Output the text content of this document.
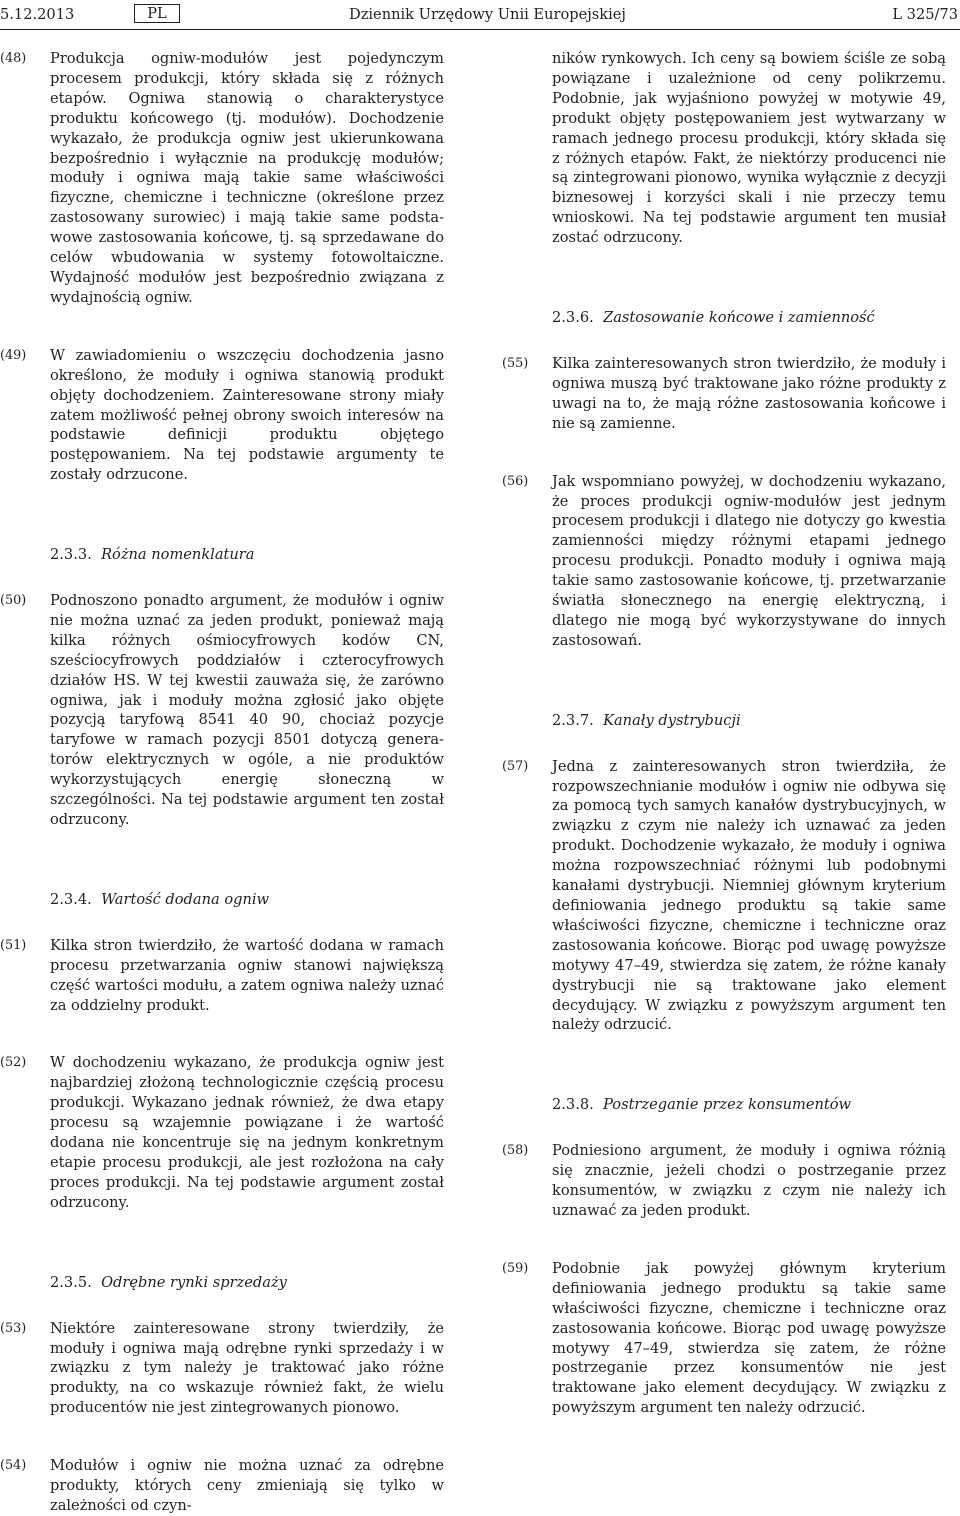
5.12.2013	PL	Dziennik Urzędowy Unii Europejskiej	L 325/73
(48) Produkcja ogniw-modułów jest pojedynczym procesem produkcji, który składa się z różnych etapów. Ogniwa stanowią o charakterystyce produktu końcowego (tj. modułów). Dochodzenie wykazało, że produkcja ogniw jest ukierunkowana bezpośrednio i wyłącznie na produkcję modułów; moduły i ogniwa mają takie same właściwości fizyczne, chemiczne i techniczne (określone przez zastosowany surowiec) i mają takie same podstawowe zastosowania końcowe, tj. są sprzedawane do celów wbudowania w systemy fotowoltaiczne. Wydajność modułów jest bezpośrednio związana z wydajnością ogniw.
(49) W zawiadomieniu o wszczęciu dochodzenia jasno określono, że moduły i ogniwa stanowią produkt objęty dochodzeniem. Zainteresowane strony miały zatem możliwość pełnej obrony swoich interesów na podstawie definicji produktu objętego postępowaniem. Na tej podstawie argumenty te zostały odrzucone.
2.3.3. Różna nomenklatura
(50) Podnoszono ponadto argument, że modułów i ogniw nie można uznać za jeden produkt, ponieważ mają kilka różnych ośmiocyfrowych kodów CN, sześciocyfrowych poddziałów i czterocyfrowych działów HS. W tej kwestii zauważa się, że zarówno ogniwa, jak i moduły można zgłosić jako objęte pozycją taryfową 8541 40 90, chociaż pozycje taryfowe w ramach pozycji 8501 dotyczą generatorów elektrycznych w ogóle, a nie produktów wykorzystujących energię słoneczną w szczególności. Na tej podstawie argument ten został odrzucony.
2.3.4. Wartość dodana ogniw
(51) Kilka stron twierdziło, że wartość dodana w ramach procesu przetwarzania ogniw stanowi największą część wartości modułu, a zatem ogniwa należy uznać za oddzielny produkt.
(52) W dochodzeniu wykazano, że produkcja ogniw jest najbardziej złożoną technologicznie częścią procesu produkcji. Wykazano jednak również, że dwa etapy procesu są wzajemnie powiązane i że wartość dodana nie koncentruje się na jednym konkretnym etapie procesu produkcji, ale jest rozłożona na cały proces produkcji. Na tej podstawie argument został odrzucony.
2.3.5. Odrębne rynki sprzedaży
(53) Niektóre zainteresowane strony twierdziły, że moduły i ogniwa mają odrębne rynki sprzedaży i w związku z tym należy je traktować jako różne produkty, na co wskazuje również fakt, że wielu producentów nie jest zintegrowanych pionowo.
(54) Modułów i ogniw nie można uznać za odrębne produkty, których ceny zmieniają się tylko w zależności od czyn-
ników rynkowych. Ich ceny są bowiem ściśle ze sobą powiązane i uzależnione od ceny polikrzemu. Podobnie, jak wyjaśniono powyżej w motywie 49, produkt objęty postępowaniem jest wytwarzany w ramach jednego procesu produkcji, który składa się z różnych etapów. Fakt, że niektórzy producenci nie są zintegrowani pionowo, wynika wyłącznie z decyzji biznesowej i korzyści skali i nie przeczy temu wnioskowi. Na tej podstawie argument ten musiał zostać odrzucony.
2.3.6. Zastosowanie końcowe i zamienność
(55) Kilka zainteresowanych stron twierdziło, że moduły i ogniwa muszą być traktowane jako różne produkty z uwagi na to, że mają różne zastosowania końcowe i nie są zamienne.
(56) Jak wspomniano powyżej, w dochodzeniu wykazano, że proces produkcji ogniw-modułów jest jednym procesem produkcji i dlatego nie dotyczy go kwestia zamienności między różnymi etapami jednego procesu produkcji. Ponadto moduły i ogniwa mają takie samo zastosowanie końcowe, tj. przetwarzanie światła słonecznego na energię elektryczną, i dlatego nie mogą być wykorzystywane do innych zastosowań.
2.3.7. Kanały dystrybucji
(57) Jedna z zainteresowanych stron twierdziła, że rozpowszechnianie modułów i ogniw nie odbywa się za pomocą tych samych kanałów dystrybucyjnych, w związku z czym nie należy ich uznawać za jeden produkt. Dochodzenie wykazało, że moduły i ogniwa można rozpowszechniać różnymi lub podobnymi kanałami dystrybucji. Niemniej głównym kryterium definiowania jednego produktu są takie same właściwości fizyczne, chemiczne i techniczne oraz zastosowania końcowe. Biorąc pod uwagę powyższe motywy 47–49, stwierdza się zatem, że różne kanały dystrybucji nie są traktowane jako element decydujący. W związku z powyższym argument ten należy odrzucić.
2.3.8. Postrzeganie przez konsumentów
(58) Podniesiono argument, że moduły i ogniwa różnią się znacznie, jeżeli chodzi o postrzeganie przez konsumentów, w związku z czym nie należy ich uznawać za jeden produkt.
(59) Podobnie jak powyżej głównym kryterium definiowania jednego produktu są takie same właściwości fizyczne, chemiczne i techniczne oraz zastosowania końcowe. Biorąc pod uwagę powyższe motywy 47–49, stwierdza się zatem, że różne postrzeganie przez konsumentów nie jest traktowane jako element decydujący. W związku z powyższym argument ten należy odrzucić.
